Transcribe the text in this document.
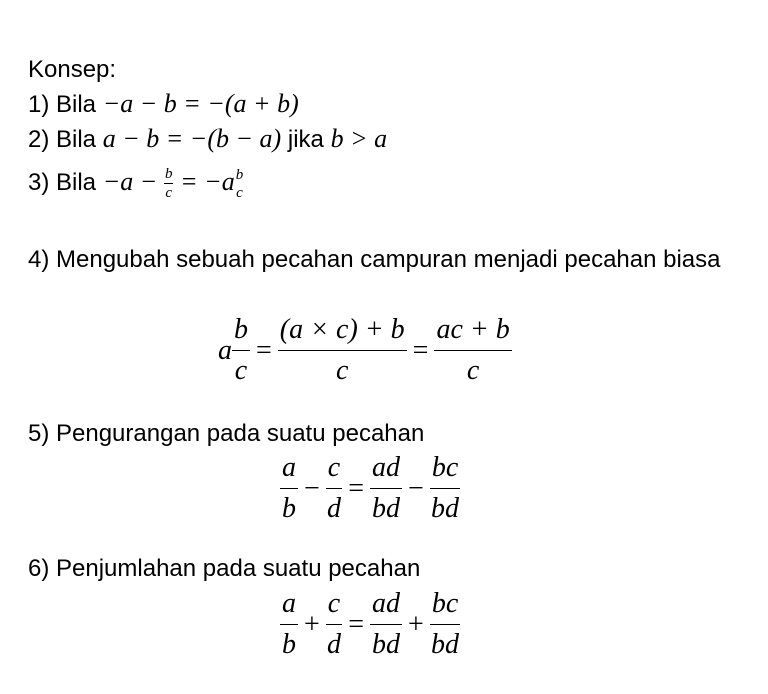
Konsep:
1) Bila −a − b = −(a + b)
2) Bila a − b = −(b − a) jika b > a
3) Bila $-a - \frac{b}{c} = -a$ b
c
4) Mengubah sebuah pecahan campuran menjadi pecahan biasa
a $\frac{b}{c} = \frac{(a \times c) + b}{c} = \frac{ac + b}{c}$
5) Pengurangan pada suatu pecahan
$\frac{a}{b} - \frac{c}{d} = \frac{ad}{bd} - \frac{bc}{bd}$
6) Penjumlahan pada suatu pecahan
$\frac{a}{b} + \frac{c}{d} = \frac{ad}{bd} + \frac{bc}{bd}$
